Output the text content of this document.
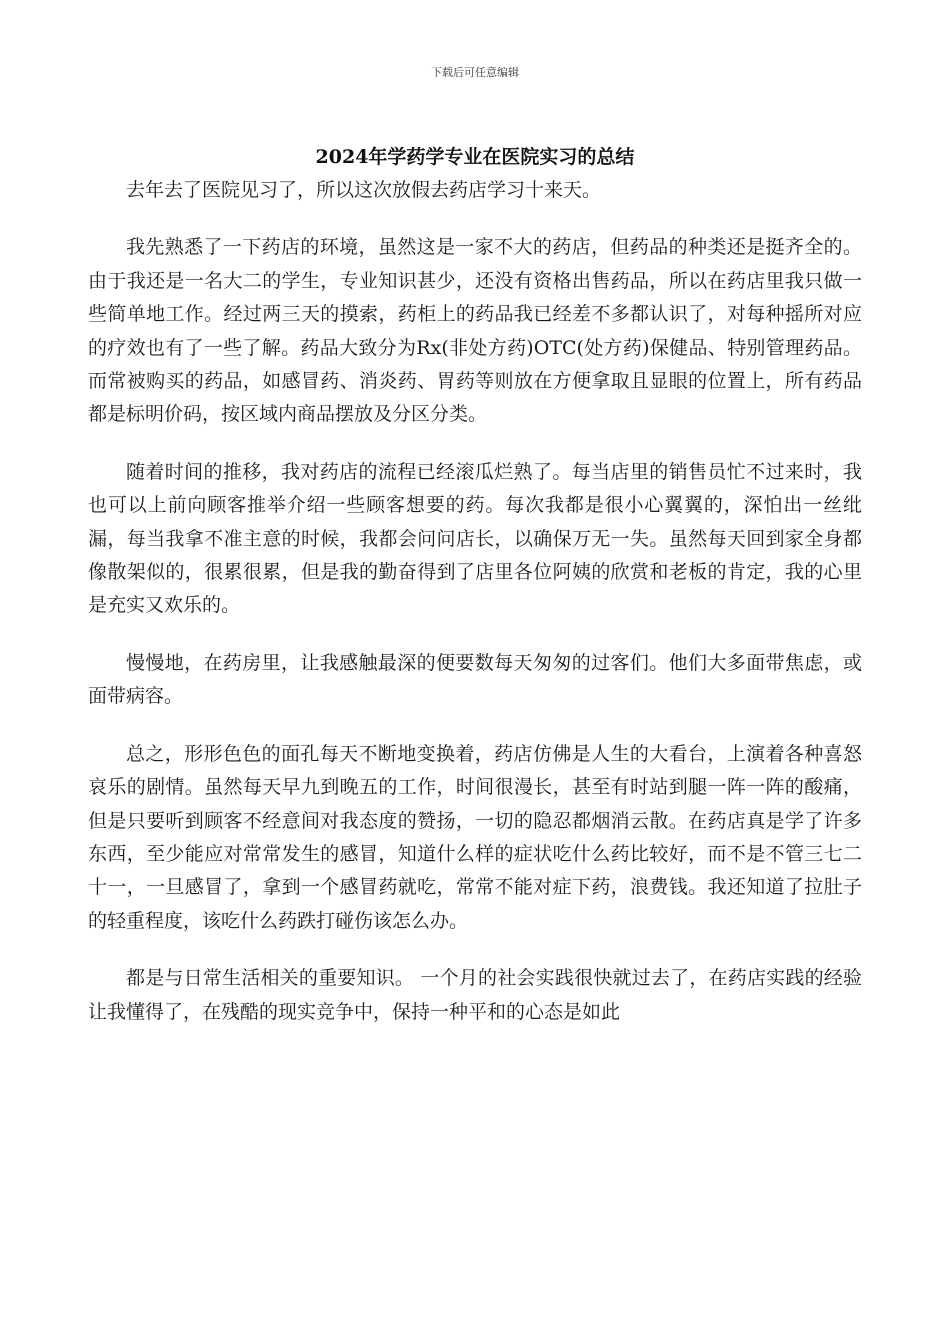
下载后可任意编辑
2024年学药学专业在医院实习的总结

去年去了医院见习了，所以这次放假去药店学习十来天。

我先熟悉了一下药店的环境，虽然这是一家不大的药店，但药品的种类还是挺齐全的。由于我还是一名大二的学生，专业知识甚少，还没有资格出售药品，所以在药店里我只做一些简单地工作。经过两三天的摸索，药柜上的药品我已经差不多都认识了，对每种摇所对应的疗效也有了一些了解。药品大致分为Rx(非处方药)OTC(处方药)保健品、特别管理药品。而常被购买的药品，如感冒药、消炎药、胃药等则放在方便拿取且显眼的位置上，所有药品都是标明价码，按区域内商品摆放及分区分类。

随着时间的推移，我对药店的流程已经滚瓜烂熟了。每当店里的销售员忙不过来时，我也可以上前向顾客推举介绍一些顾客想要的药。每次我都是很小心翼翼的，深怕出一丝纰漏，每当我拿不准主意的时候，我都会问问店长，以确保万无一失。虽然每天回到家全身都像散架似的，很累很累，但是我的勤奋得到了店里各位阿姨的欣赏和老板的肯定，我的心里是充实又欢乐的。

慢慢地，在药房里，让我感触最深的便要数每天匆匆的过客们。他们大多面带焦虑，或面带病容。

总之，形形色色的面孔每天不断地变换着，药店仿佛是人生的大看台，上演着各种喜怒哀乐的剧情。虽然每天早九到晚五的工作，时间很漫长，甚至有时站到腿一阵一阵的酸痛，但是只要听到顾客不经意间对我态度的赞扬，一切的隐忍都烟消云散。在药店真是学了许多东西，至少能应对常常发生的感冒，知道什么样的症状吃什么药比较好，而不是不管三七二十一，一旦感冒了，拿到一个感冒药就吃，常常不能对症下药，浪费钱。我还知道了拉肚子的轻重程度，该吃什么药跌打碰伤该怎么办。

都是与日常生活相关的重要知识。 一个月的社会实践很快就过去了，在药店实践的经验让我懂得了，在残酷的现实竞争中，保持一种平和的心态是如此
